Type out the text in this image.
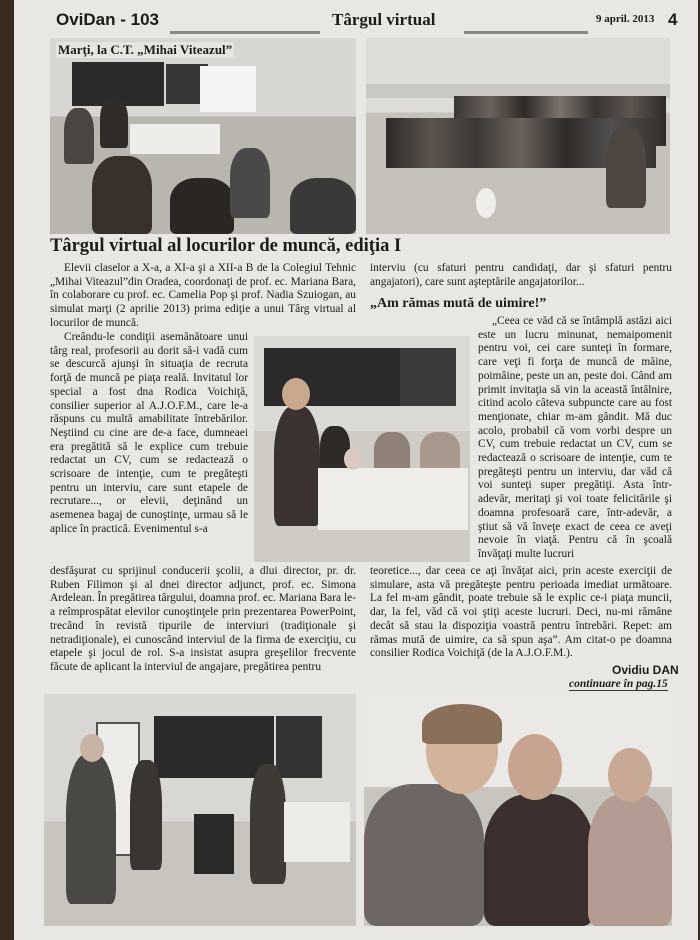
OviDan - 103	Târgul virtual	9 april. 2013 4
Marţi, la C.T. „Mihai Viteazul”
Târgul virtual al locurilor de muncă, ediţia I

Elevii claselor a X-a, a XI-a şi a XII-a B de la Colegiul Tehnic „Mihai Viteazul”din Oradea, coordonaţi de prof. ec. Mariana Bara, în colaborare cu prof. ec. Camelia Pop şi prof. Nadia Szuiogan, au simulat marţi (2 aprilie 2013) prima ediţie a unui Târg virtual al locurilor de muncă.

Creându-le condiţii asemănătoare unui târg real, profesorii au dorit să-i vadă cum se descurcă ajunşi în situaţia de recruta forţă de muncă pe piaţa reală. Invitatul lor special a fost dna Rodica Voichiţă, consilier superior al A.J.O.F.M., care le-a răspuns cu multă amabilitate întrebărilor. Neştiind cu cine are de-a face, dumneaei era pregătită să le explice cum trebuie redactat un CV, cum se redactează o scrisoare de intenţie, cum te pregăteşti pentru un interviu, care sunt etapele de recrutare..., or elevii, deţinând un asemenea bagaj de cunoştinţe, urmau să le aplice în practică. Evenimentul s-a

desfăşurat cu sprijinul conducerii şcolii, a dlui director, pr. dr. Ruben Filimon şi al dnei director adjunct, prof. ec. Simona Ardelean. În pregătirea târgului, doamna prof. ec. Mariana Bara le-a reîmprospătat elevilor cunoştinţele prin prezentarea PowerPoint, trecând în revistă tipurile de interviuri (tradiţionale şi netradiţionale), ei cunoscând interviul de la firma de exerciţiu, cu etapele şi jocul de rol. S-a insistat asupra greşelilor frecvente făcute de aplicant la interviul de angajare, pregătirea pentru

interviu (cu sfaturi pentru candidaţi, dar şi sfaturi pentru angajatori), care sunt aşteptările angajatorilor...

„Am rămas mută de uimire!”

„Ceea ce văd că se întâmplă astăzi aici este un lucru minunat, nemaipomenit pentru voi, cei care sunteţi în formare, care veţi fi forţa de muncă de mâine, poimâine, peste un an, peste doi. Când am primit invitaţia să vin la această întâlnire, citind acolo câteva subpuncte care au fost menţionate, chiar m-am gândit. Mă duc acolo, probabil că vom vorbi despre un CV, cum trebuie redactat un CV, cum se redactează o scrisoare de intenţie, cum te pregăteşti pentru un interviu, dar văd că voi sunteţi super pregătiţi. Asta într-adevăr, meritaţi şi voi toate felicitările şi doamna profesoară care, într-adevăr, a ştiut să vă înveţe exact de ceea ce aveţi nevoie în viaţă. Pentru că în şcoală învăţaţi multe lucruri

teoretice..., dar ceea ce aţi învăţat aici, prin aceste exerciţii de simulare, asta vă pregăteşte pentru perioada imediat următoare. La fel m-am gândit, poate trebuie să le explic ce-i piaţa muncii, dar, la fel, văd că voi ştiţi aceste lucruri. Deci, nu-mi rămâne decât să stau la dispoziţia voastră pentru întrebări. Repet: am rămas mută de uimire, ca să spun aşa”. Am citat-o pe doamna consilier Rodica Voichiţă (de la A.J.O.F.M.).

Ovidiu DAN
continuare în pag.15
